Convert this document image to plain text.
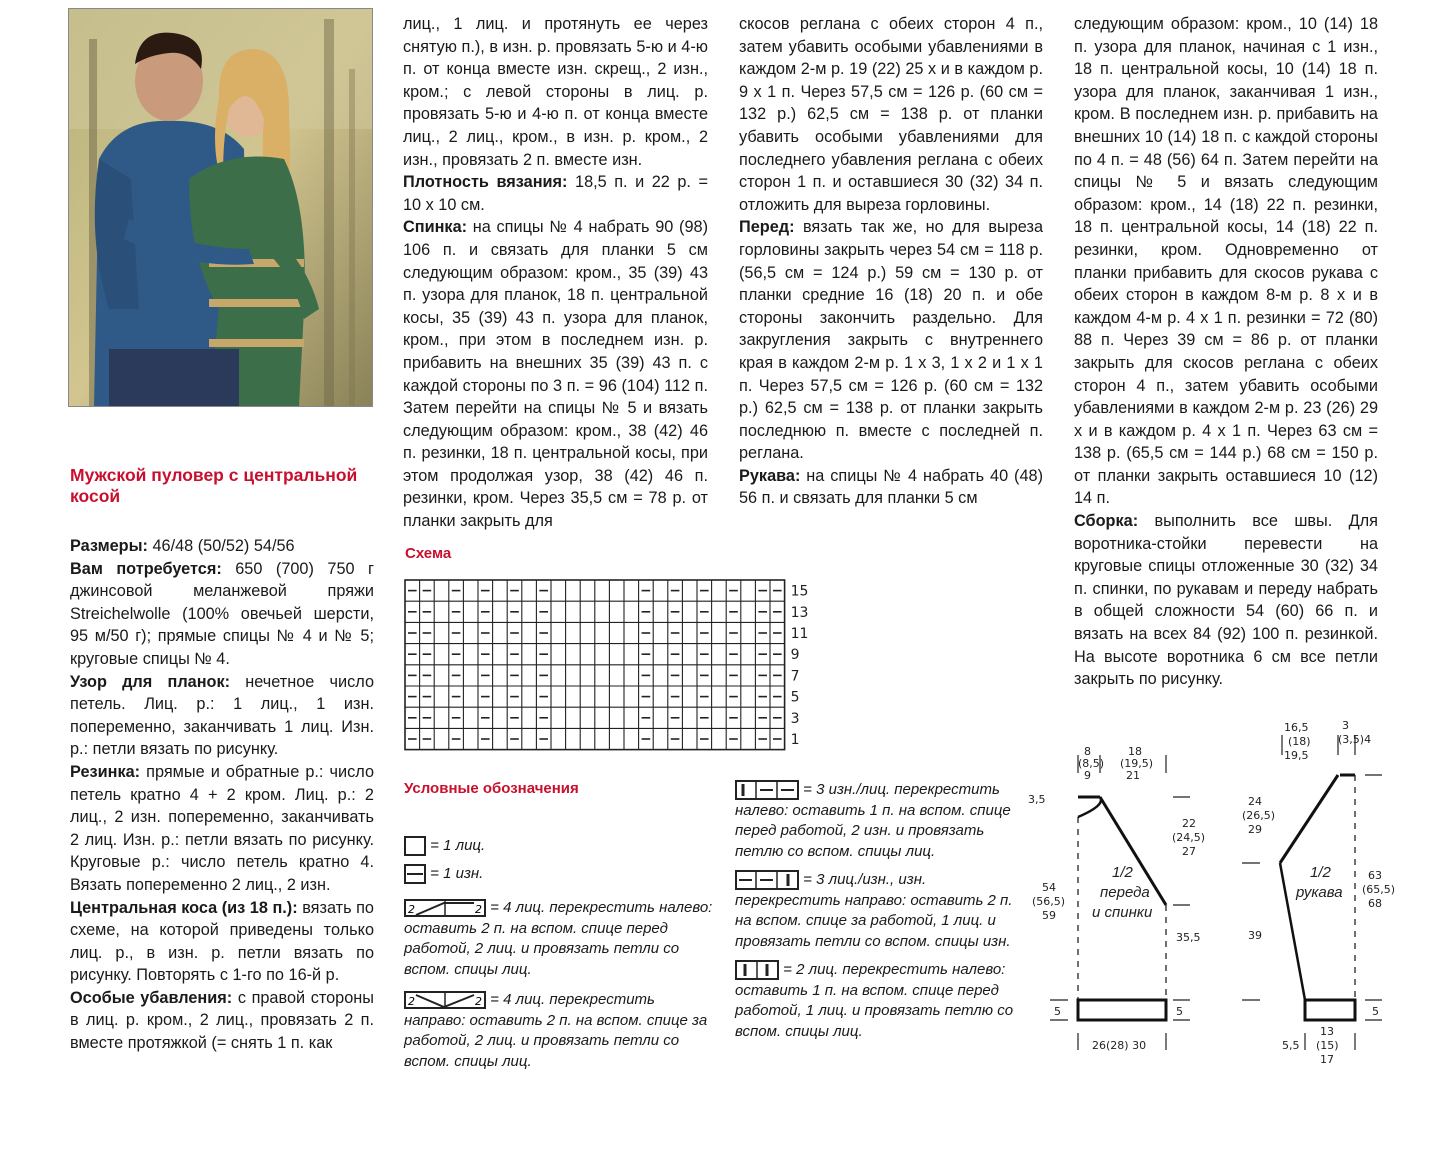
Мужской пуловер с центральной косой

Размеры: 46/48 (50/52) 54/56

Вам потребуется: 650 (700) 750 г джинсовой меланжевой пряжи Streichelwolle (100% овечьей шерсти, 95 м/50 г); прямые спицы № 4 и № 5; круговые спицы № 4.

Узор для планок: нечетное число петель. Лиц. р.: 1 лиц., 1 изн. попеременно, заканчивать 1 лиц. Изн. р.: петли вязать по рисунку.

Резинка: прямые и обратные р.: число петель кратно 4 + 2 кром. Лиц. р.: 2 лиц., 2 изн. попеременно, заканчивать 2 лиц. Изн. р.: петли вязать по рисунку. Круговые р.: число петель кратно 4. Вязать попеременно 2 лиц., 2 изн.

Центральная коса (из 18 п.): вязать по схеме, на которой приведены только лиц. р., в изн. р. петли вязать по рисунку. Повторять с 1-го по 16-й р.

Особые убавления: с правой стороны в лиц. р. кром., 2 лиц., провязать 2 п. вместе протяжкой (= снять 1 п. как

лиц., 1 лиц. и протянуть ее через снятую п.), в изн. р. провязать 5-ю и 4-ю п. от конца вместе изн. скрещ., 2 изн., кром.; с левой стороны в лиц. р. провязать 5-ю и 4-ю п. от конца вместе лиц., 2 лиц., кром., в изн. р. кром., 2 изн., провязать 2 п. вместе изн.

Плотность вязания: 18,5 п. и 22 р. = 10 х 10 см.

Спинка: на спицы № 4 набрать 90 (98) 106 п. и связать для планки 5 см следующим образом: кром., 35 (39) 43 п. узора для планок, 18 п. центральной косы, 35 (39) 43 п. узора для планок, кром., при этом в последнем изн. р. прибавить на внешних 35 (39) 43 п. с каждой стороны по 3 п. = 96 (104) 112 п. Затем перейти на спицы № 5 и вязать следующим образом: кром., 38 (42) 46 п. резинки, 18 п. центральной косы, при этом продолжая узор, 38 (42) 46 п. резинки, кром. Через 35,5 см = 78 р. от планки закрыть для

скосов реглана с обеих сторон 4 п., затем убавить особыми убавлениями в каждом 2-м р. 19 (22) 25 х и в каждом р. 9 х 1 п. Через 57,5 см = 126 р. (60 см = 132 р.) 62,5 см = 138 р. от планки убавить особыми убавлениями для последнего убавления реглана с обеих сторон 1 п. и оставшиеся 30 (32) 34 п. отложить для выреза горловины.

Перед: вязать так же, но для выреза горловины закрыть через 54 см = 118 р. (56,5 см = 124 р.) 59 см = 130 р. от планки средние 16 (18) 20 п. и обе стороны закончить раздельно. Для закругления закрыть с внутреннего края в каждом 2-м р. 1 х 3, 1 х 2 и 1 х 1 п. Через 57,5 см = 126 р. (60 см = 132 р.) 62,5 см = 138 р. от планки закрыть последнюю п. вместе с последней п. реглана.

Рукава: на спицы № 4 набрать 40 (48) 56 п. и связать для планки 5 см

следующим образом: кром., 10 (14) 18 п. узора для планок, начиная с 1 изн., 18 п. центральной косы, 10 (14) 18 п. узора для планок, заканчивая 1 изн., кром. В последнем изн. р. прибавить на внешних 10 (14) 18 п. с каждой стороны по 4 п. = 48 (56) 64 п. Затем перейти на спицы № 5 и вязать следующим образом: кром., 14 (18) 22 п. резинки, 18 п. центральной косы, 14 (18) 22 п. резинки, кром. Одновременно от планки прибавить для скосов рукава с обеих сторон в каждом 8-м р. 8 х и в каждом 4-м р. 4 х 1 п. резинки = 72 (80) 88 п. Через 39 см = 86 р. от планки закрыть для скосов реглана с обеих сторон 4 п., затем убавить особыми убавлениями в каждом 2-м р. 23 (26) 29 х и в каждом р. 4 х 1 п. Через 63 см = 138 р. (65,5 см = 144 р.) 68 см = 150 р. от планки закрыть оставшиеся 10 (12) 14 п.

Сборка: выполнить все швы. Для воротника-стойки перевести на круговые спицы отложенные 30 (32) 34 п. спинки, по рукавам и переду набрать в общей сложности 54 (60) 66 п. и вязать на всех 84 (92) 100 п. резинкой. На высоте воротника 6 см все петли закрыть по рисунку.

Схема
15
13
11
9
7
5
3
1
Условные обозначения
= 1 лиц.
= 1 изн.
2	2 = 4 лиц. перекрестить налево: оставить 2 п. на вспом. спице перед работой, 2 лиц. и провязать петли со вспом. спицы лиц.
2	2 = 4 лиц. перекрестить направо: оставить 2 п. на вспом. спице за работой, 2 лиц. и провязать петли со вспом. спицы лиц.
= 3 изн./лиц. перекрестить налево: оставить 1 п. на вспом. спице перед работой, 2 изн. и провязать петлю со вспом. спицы лиц.
= 3 лиц./изн., изн. перекрестить направо: оставить 2 п. на вспом. спице за работой, 1 лиц. и провязать петли со вспом. спицы изн.
= 2 лиц. перекрестить налево: оставить 1 п. на вспом. спице перед работой, 1 лиц. и провязать петлю со вспом. спицы лиц.
8
(8,5)
9
18
(19,5)
21
3,5
54
(56,5)
59
22
(24,5)
27
35,5
5	5
26(28) 30
1/2
переда
и спинки
1/2
рукава
16,5
(18)
19,5
3
(3,5)4
24
(26,5)
29
39
63
(65,5)
68
5
5,5
13
(15)
17
